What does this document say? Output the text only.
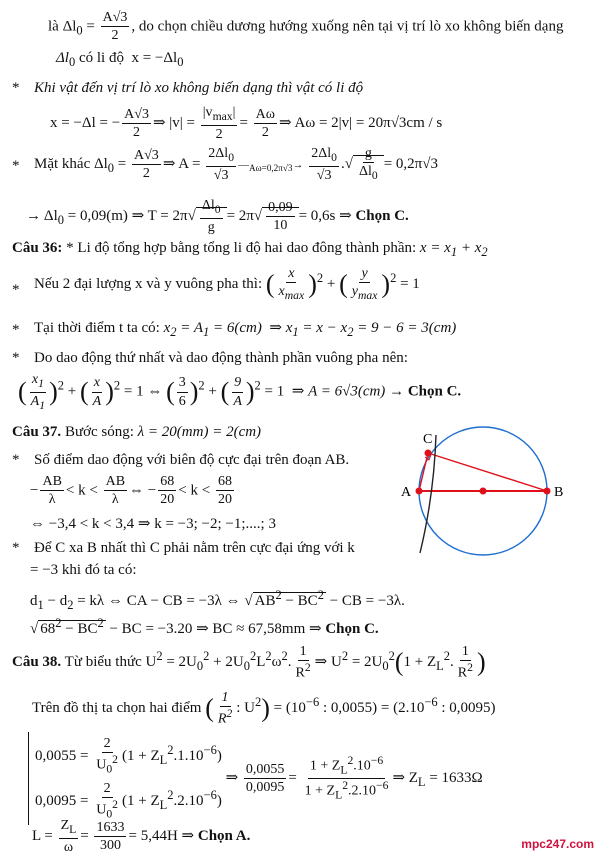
là $\Delta l_0 = \frac{A√3}{2}$ , do chọn chiều dương hướng xuống nên tại vị trí lò xo không biến dạng
$\Delta l_0$ có li độ  $x = -\Delta l_0$
* Khi vật đến vị trí lò xo không biến dạng thì vật có li độ
x = −Δl = − $\frac{A√3}{2}$ ⇒ $|v| = \frac{|v_{max}|}{2} = \frac{A\omega}{2}$ ⇒ Aω = 2|v| = 20π√3cm / s
* Mặt khác $\Delta l_0 = \frac{A√3}{2}$ ⇒ $A = \frac{2\Delta l_0}{√3}$ $—_{A\omega=0,2\pi√3}\to \frac{2\Delta l_0}{√3}$ .√ $\frac{g}{\Delta l_0} = 0,2\pi√3$
→ $\Delta l_0 = 0,09(m)$ ⇒ $T = 2\pi√ \frac{\Delta l_0}{g} = 2\pi√ \frac{0,09}{10} = 0,6s$ ⇒ Chọn C.
Câu 36: * Li độ tổng hợp bằng tổng li độ hai dao đông thành phần: $x = x_1 + x_2$
* Nếu 2 đại lượng x và y vuông pha thì: ( $\frac{x}{x_{max}} )^2$ + ( $\frac{y}{y_{max}} )^2 = 1$
* Tại thời điểm t ta có: $x_2 = A_1 = 6(cm)$  ⇒ $x_1 = x - x_2 = 9 - 6 = 3(cm)$
* Do dao động thứ nhất và dao động thành phần vuông pha nên:
( $\frac{x_1}{A_1} )^2$ + ( $\frac{x}{A} )^2 = 1$ ⇔ ( $\frac{3}{6} )^2$ + ( $\frac{9}{A} )^2 = 1$  ⇒ A = 6√3(cm) → Chọn C.
Câu 37. Bước sóng: λ = 20(mm) = 2(cm)
* Số điểm dao động với biên độ cực đại trên đoạn AB.
− $\frac{AB}{\lambda} < k < \frac{AB}{\lambda}$ ⇔ − $\frac{68}{20} < k < \frac{68}{20}$
⇔ −3,4 < k < 3,4 ⇒ k = −3; −2; −1;....; 3
* Để C xa B nhất thì C phải nằm trên cực đại ứng với k
= −3 khi đó ta có:
$d_1 - d_2 = k\lambda$ ⇔ CA − CB = −3λ ⇔ √ $AB^2 - BC^2$ − CB = −3λ.
√ $68^2 - BC^2$ − BC = −3.20 ⇒ BC ≈ 67,58mm ⇒ Chọn C.
Câu 38. Từ biểu thức $U^2 = 2U_0^2 + 2U_0^2L^2\omega^2$. $\frac{1}{R^2}$ ⇒ $U^2 = 2U_0^2(1 + Z_L^2$. $\frac{1}{R^2}$ )
Trên đồ thị ta chọn hai điểm ( $\frac{1}{R^2}$ : $U^2) = (10^{-6}$ : $0,0055) = (2.10^{-6}$ : 0,0095)
$0,0055 = \frac{2}{U_0^2} (1 + Z_L^2.1.10^{-6})$
$0,0095 = \frac{2}{U_0^2} (1 + Z_L^2.2.10^{-6})$
⇒ $\frac{0,0055}{0,0095} = \frac{1 + Z_L^2.10^{-6}}{1 + Z_L^2.2.10^{-6}}$ ⇒ $Z_L = 1633\Omega$
$L = \frac{Z_L}{\omega} = \frac{1633}{300} = 5,44H$ ⇒ Chọn A.
A	B
C
mpc247.com
